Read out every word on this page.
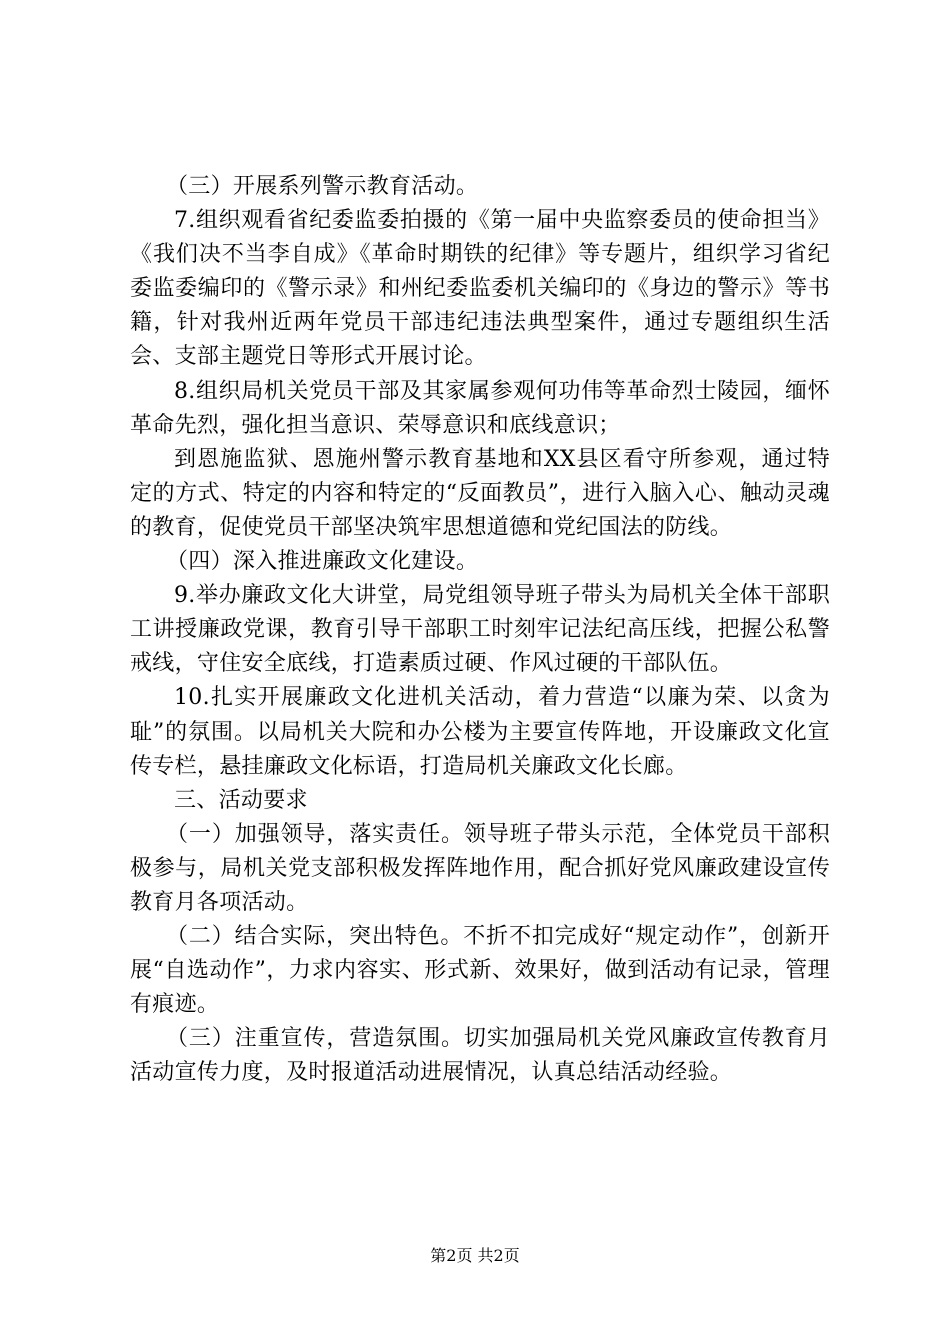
（三）开展系列警示教育活动。

7.组织观看省纪委监委拍摄的《第一届中央监察委员的使命担当》《我们决不当李自成》《革命时期铁的纪律》等专题片，组织学习省纪委监委编印的《警示录》和州纪委监委机关编印的《身边的警示》等书籍，针对我州近两年党员干部违纪违法典型案件，通过专题组织生活会、支部主题党日等形式开展讨论。

8.组织局机关党员干部及其家属参观何功伟等革命烈士陵园，缅怀革命先烈，强化担当意识、荣辱意识和底线意识；

到恩施监狱、恩施州警示教育基地和XX县区看守所参观，通过特定的方式、特定的内容和特定的“反面教员”，进行入脑入心、触动灵魂的教育，促使党员干部坚决筑牢思想道德和党纪国法的防线。

（四）深入推进廉政文化建设。

9.举办廉政文化大讲堂，局党组领导班子带头为局机关全体干部职工讲授廉政党课，教育引导干部职工时刻牢记法纪高压线，把握公私警戒线，守住安全底线，打造素质过硬、作风过硬的干部队伍。

10.扎实开展廉政文化进机关活动，着力营造“以廉为荣、以贪为耻”的氛围。以局机关大院和办公楼为主要宣传阵地，开设廉政文化宣传专栏，悬挂廉政文化标语，打造局机关廉政文化长廊。

三、活动要求

（一）加强领导，落实责任。领导班子带头示范，全体党员干部积极参与，局机关党支部积极发挥阵地作用，配合抓好党风廉政建设宣传教育月各项活动。

（二）结合实际，突出特色。不折不扣完成好“规定动作”，创新开展“自选动作”，力求内容实、形式新、效果好，做到活动有记录，管理有痕迹。

（三）注重宣传，营造氛围。切实加强局机关党风廉政宣传教育月活动宣传力度，及时报道活动进展情况，认真总结活动经验。

第2页 共2页
